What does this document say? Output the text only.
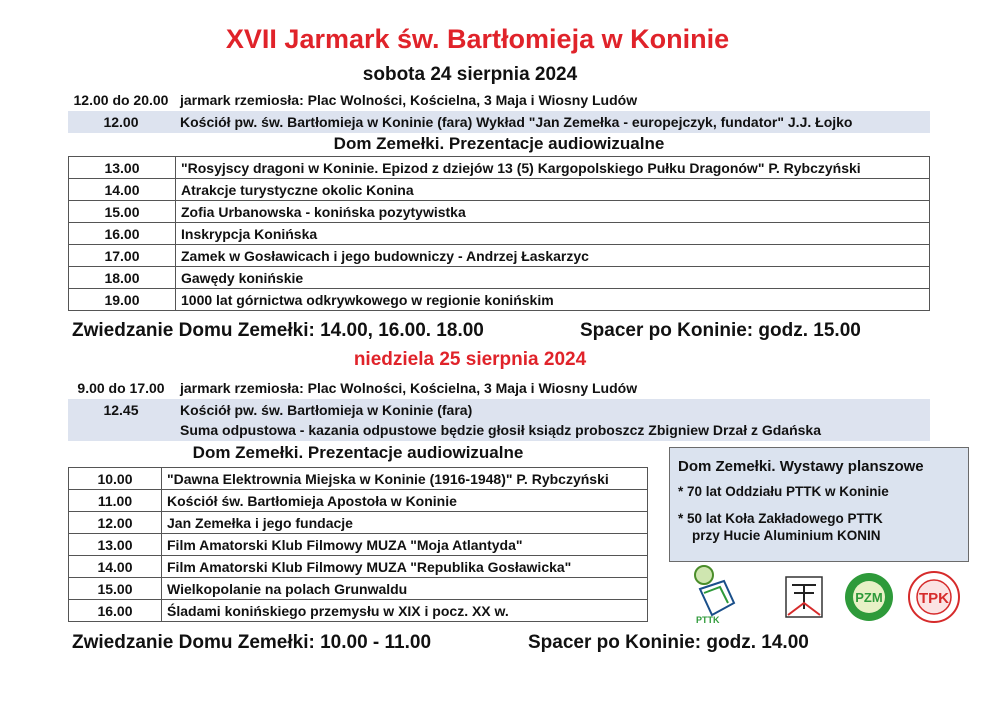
XVII Jarmark św. Bartłomieja w Koninie
sobota 24 sierpnia 2024
12.00 do 20.00 jarmark rzemiosła: Plac Wolności, Kościelna, 3 Maja i Wiosny Ludów
12.00	Kościół pw. św. Bartłomieja w Koninie (fara) Wykład "Jan Zemełka - europejczyk, fundator" J.J. Łojko
Dom Zemełki. Prezentacje audiowizualne
13.00	"Rosyjscy dragoni w Koninie. Epizod z dziejów 13 (5) Kargopolskiego Pułku Dragonów" P. Rybczyński
14.00	Atrakcje turystyczne okolic Konina
15.00	Zofia Urbanowska - konińska pozytywistka
16.00	Inskrypcja Konińska
17.00	Zamek w Gosławicach i jego budowniczy - Andrzej Łaskarzyc
18.00	Gawędy konińskie
19.00	1000 lat górnictwa odkrywkowego w regionie konińskim
Zwiedzanie Domu Zemełki: 14.00, 16.00. 18.00	Spacer po Koninie: godz. 15.00
niedziela 25 sierpnia 2024
9.00 do 17.00	jarmark rzemiosła: Plac Wolności, Kościelna, 3 Maja i Wiosny Ludów
12.45	Kościół pw. św. Bartłomieja w Koninie (fara)
Suma odpustowa - kazania odpustowe będzie głosił ksiądz proboszcz Zbigniew Drzał z Gdańska
Dom Zemełki. Prezentacje audiowizualne
10.00	"Dawna Elektrownia Miejska w Koninie (1916-1948)" P. Rybczyński
11.00	Kościół św. Bartłomieja Apostoła w Koninie
12.00	Jan Zemełka i jego fundacje
13.00	Film Amatorski Klub Filmowy MUZA "Moja Atlantyda"
14.00	Film Amatorski Klub Filmowy MUZA "Republika Gosławicka"
15.00	Wielkopolanie na polach Grunwaldu
16.00	Śladami konińskiego przemysłu w XIX i pocz. XX w.
Zwiedzanie Domu Zemełki: 10.00 - 11.00	Spacer po Koninie: godz. 14.00
Dom Zemełki. Wystawy planszowe
* 70 lat Oddziału PTTK w Koninie
* 50 lat Koła Zakładowego PTTK
przy Hucie Aluminium KONIN
PTTK
PZM TPK
